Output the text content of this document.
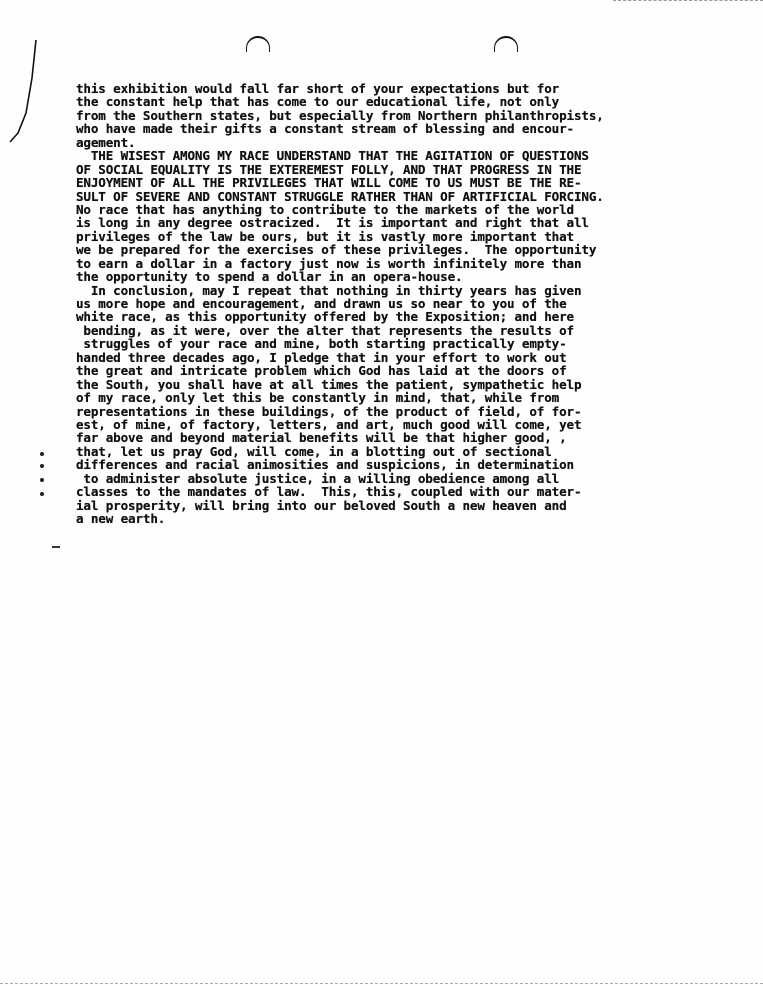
this exhibition would fall far short of your expectations but for
the constant help that has come to our educational life, not only
from the Southern states, but especially from Northern philanthropists,
who have made their gifts a constant stream of blessing and encour-
agement.
THE WISEST AMONG MY RACE UNDERSTAND THAT THE AGITATION OF QUESTIONS
OF SOCIAL EQUALITY IS THE EXTEREMEST FOLLY, AND THAT PROGRESS IN THE
ENJOYMENT OF ALL THE PRIVILEGES THAT WILL COME TO US MUST BE THE RE-
SULT OF SEVERE AND CONSTANT STRUGGLE RATHER THAN OF ARTIFICIAL FORCING.
No race that has anything to contribute to the markets of the world
is long in any degree ostracized.  It is important and right that all
privileges of the law be ours, but it is vastly more important that
we be prepared for the exercises of these privileges.  The opportunity
to earn a dollar in a factory just now is worth infinitely more than
the opportunity to spend a dollar in an opera-house.
In conclusion, may I repeat that nothing in thirty years has given
us more hope and encouragement, and drawn us so near to you of the
white race, as this opportunity offered by the Exposition; and here
bending, as it were, over the alter that represents the results of
struggles of your race and mine, both starting practically empty-
handed three decades ago, I pledge that in your effort to work out
the great and intricate problem which God has laid at the doors of
the South, you shall have at all times the patient, sympathetic help
of my race, only let this be constantly in mind, that, while from
representations in these buildings, of the product of field, of for-
est, of mine, of factory, letters, and art, much good will come, yet
far above and beyond material benefits will be that higher good, ,
that, let us pray God, will come, in a blotting out of sectional
differences and racial animosities and suspicions, in determination
to administer absolute justice, in a willing obedience among all
classes to the mandates of law.  This, this, coupled with our mater-
ial prosperity, will bring into our beloved South a new heaven and
a new earth.
